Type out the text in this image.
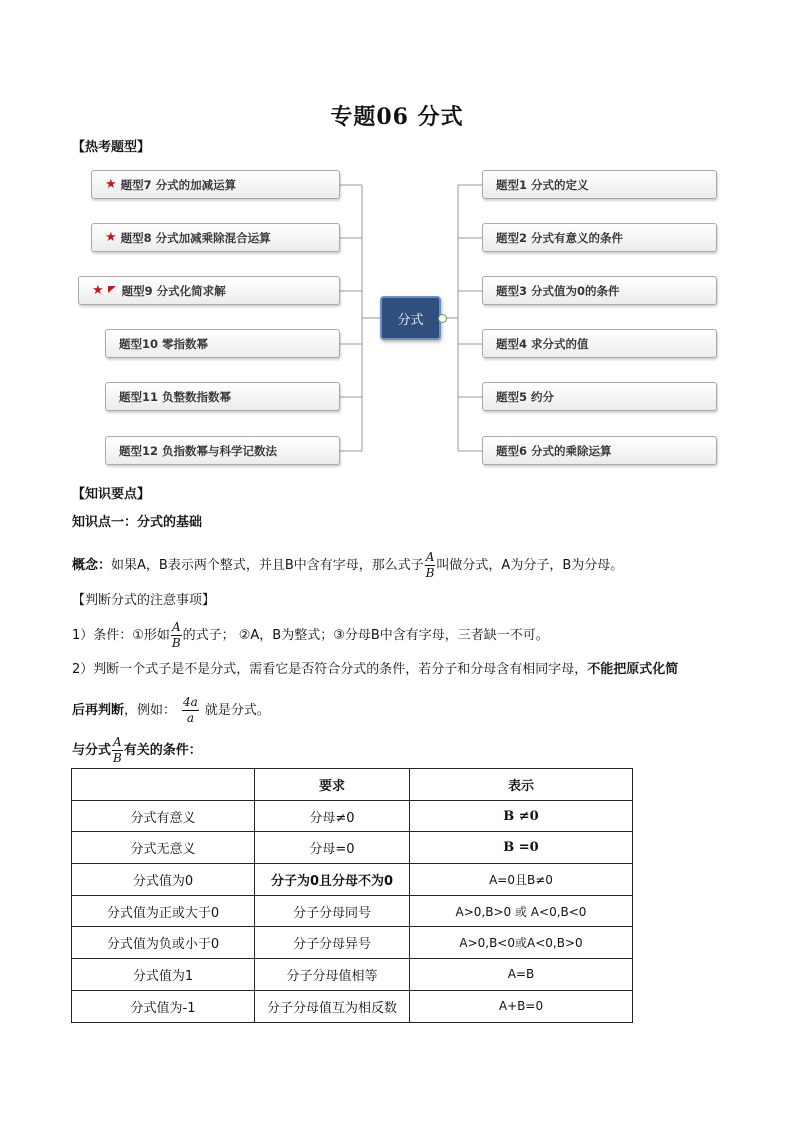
专题06 分式
【热考题型】
★ 题型7 分式的加减运算
★ 题型8 分式加减乘除混合运算
★ 题型9 分式化简求解
题型10 零指数幂
题型11 负整数指数幂
题型12 负指数幂与科学记数法
分式
题型1 分式的定义
题型2 分式有意义的条件
题型3 分式值为0的条件
题型4 求分式的值
题型5 约分
题型6 分式的乘除运算
【知识要点】
知识点一：分式的基础
概念：如果A，B表示两个整式，并且B中含有字母，那么式子 $\frac{A}{B}$ 叫做分式，A为分子，B为分母。
【判断分式的注意事项】
1）条件：①形如 $\frac{A}{B}$ 的式子； ②A，B为整式；③分母B中含有字母，三者缺一不可。
2）判断一个式子是不是分式，需看它是否符合分式的条件，若分子和分母含有相同字母，不能把原式化简
后再判断，例如： $\frac{4a}{a}$ 就是分式。
与分式 $\frac{A}{B}$ 有关的条件：
	要求	表示
分式有意义	分母≠0	B ≠0
分式无意义	分母=0	B =0
分式值为0	分子为0且分母不为0	A=0且B≠0
分式值为正或大于0	分子分母同号	A>0,B>0 或 A<0,B<0
分式值为负或小于0	分子分母异号	A>0,B<0或A<0,B>0
分式值为1	分子分母值相等	A=B
分式值为-1	分子分母值互为相反数	A+B=0
